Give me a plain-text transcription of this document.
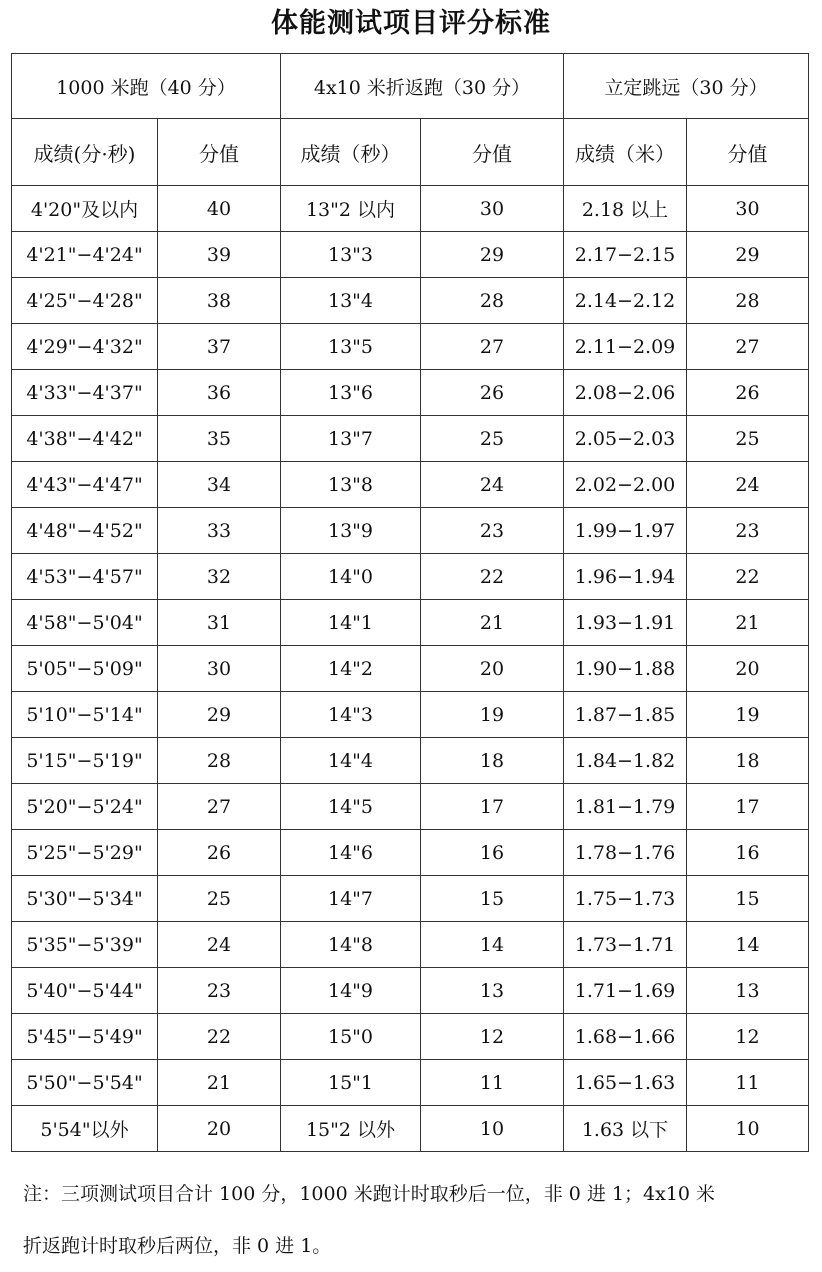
体能测试项目评分标准
1000 米跑（40 分）		4x10 米折返跑（30 分）		立定跳远（30 分）	
成绩(分·秒)	分值	成绩（秒）	分值	成绩（米）	分值
4'20"及以内	40	13"2 以内	30	2.18 以上	30
4'21"−4'24"	39	13"3	29	2.17−2.15	29
4'25"−4'28"	38	13"4	28	2.14−2.12	28
4'29"−4'32"	37	13"5	27	2.11−2.09	27
4'33"−4'37"	36	13"6	26	2.08−2.06	26
4'38"−4'42"	35	13"7	25	2.05−2.03	25
4'43"−4'47"	34	13"8	24	2.02−2.00	24
4'48"−4'52"	33	13"9	23	1.99−1.97	23
4'53"−4'57"	32	14"0	22	1.96−1.94	22
4'58"−5'04"	31	14"1	21	1.93−1.91	21
5'05"−5'09"	30	14"2	20	1.90−1.88	20
5'10"−5'14"	29	14"3	19	1.87−1.85	19
5'15"−5'19"	28	14"4	18	1.84−1.82	18
5'20"−5'24"	27	14"5	17	1.81−1.79	17
5'25"−5'29"	26	14"6	16	1.78−1.76	16
5'30"−5'34"	25	14"7	15	1.75−1.73	15
5'35"−5'39"	24	14"8	14	1.73−1.71	14
5'40"−5'44"	23	14"9	13	1.71−1.69	13
5'45"−5'49"	22	15"0	12	1.68−1.66	12
5'50"−5'54"	21	15"1	11	1.65−1.63	11
5'54"以外	20	15"2 以外	10	1.63 以下	10

注：三项测试项目合计 100 分，1000 米跑计时取秒后一位，非 0 进 1；4x10 米

折返跑计时取秒后两位，非 0 进 1。
